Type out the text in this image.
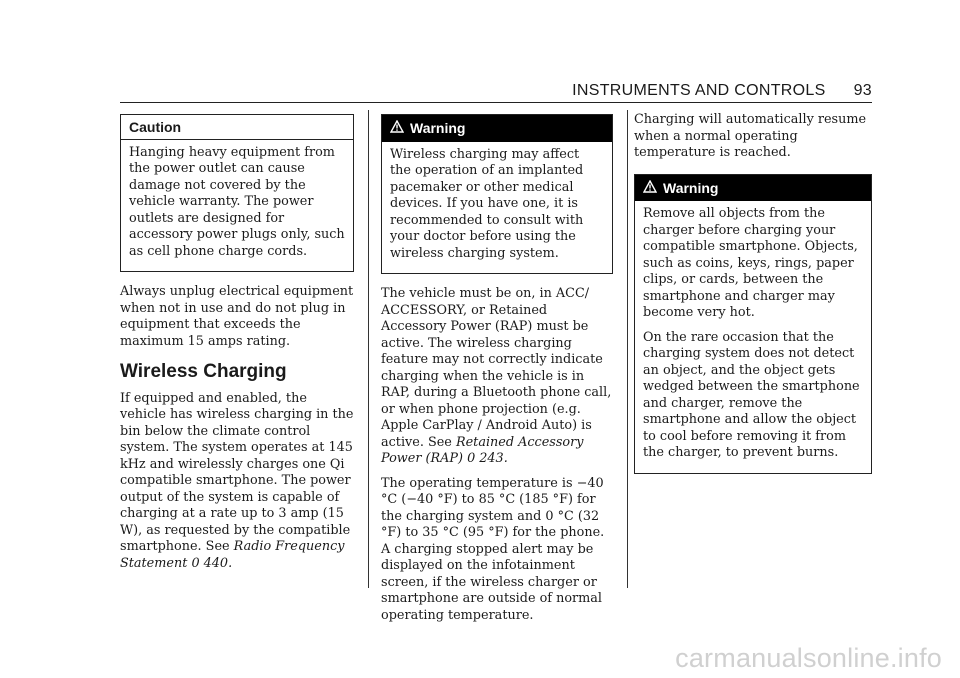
INSTRUMENTS AND CONTROLS 93
Caution

Hanging heavy equipment from the power outlet can cause damage not covered by the vehicle warranty. The power outlets are designed for accessory power plugs only, such as cell phone charge cords.

Always unplug electrical equipment when not in use and do not plug in equipment that exceeds the maximum 15 amps rating.

Wireless Charging

If equipped and enabled, the vehicle has wireless charging in the bin below the climate control system. The system operates at 145 kHz and wirelessly charges one Qi compatible smartphone. The power output of the system is capable of charging at a rate up to 3 amp (15 W), as requested by the compatible smartphone. See Radio Frequency Statement 0 440.

Warning

Wireless charging may affect the operation of an implanted pacemaker or other medical devices. If you have one, it is recommended to consult with your doctor before using the wireless charging system.

The vehicle must be on, in ACC/ ACCESSORY, or Retained Accessory Power (RAP) must be active. The wireless charging feature may not correctly indicate charging when the vehicle is in RAP, during a Bluetooth phone call, or when phone projection (e.g. Apple CarPlay / Android Auto) is active. See Retained Accessory Power (RAP) 0 243.

The operating temperature is −40 °C (−40 °F) to 85 °C (185 °F) for the charging system and 0 °C (32 °F) to 35 °C (95 °F) for the phone. A charging stopped alert may be displayed on the infotainment screen, if the wireless charger or smartphone are outside of normal operating temperature.

Charging will automatically resume when a normal operating temperature is reached.

Warning

Remove all objects from the charger before charging your compatible smartphone. Objects, such as coins, keys, rings, paper clips, or cards, between the smartphone and charger may become very hot.

On the rare occasion that the charging system does not detect an object, and the object gets wedged between the smartphone and charger, remove the smartphone and allow the object to cool before removing it from the charger, to prevent burns.

carmanualsonline.info
